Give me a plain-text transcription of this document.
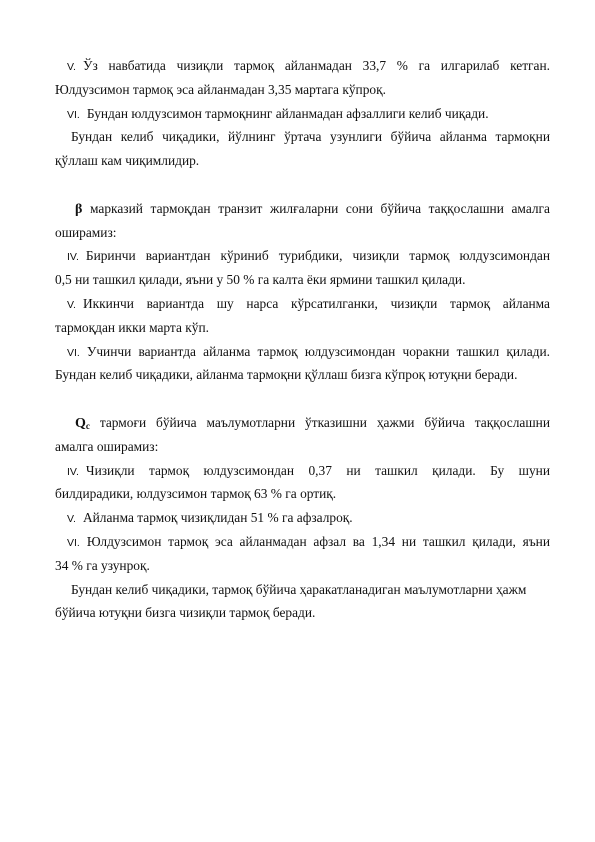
V. Ўз навбатида чизиқли тармоқ айланмадан 33,7 % га илгарилаб кетган.
Юлдузсимон тармоқ эса айланмадан 3,35 мартага кўпроқ.
VI. Бундан юлдузсимон тармоқнинг айланмадан афзаллиги келиб чиқади.
Бундан келиб чиқадики, йўлнинг ўртача узунлиги бўйича айланма тармоқни
қўллаш кам чиқимлидир.
β марказий тармоқдан транзит жилғаларни сони бўйича таққослашни амалга
оширамиз:
IV. Биринчи вариантдан кўриниб турибдики, чизиқли тармоқ юлдузсимондан
0,5 ни ташкил қилади, яъни у 50 % га калта ёки ярмини ташкил қилади.
V. Иккинчи вариантда шу нарса кўрсатилганки, чизиқли тармоқ айланма
тармоқдан икки марта кўп.
VI. Учинчи вариантда айланма тармоқ юлдузсимондан чоракни ташкил қилади.
Бундан келиб чиқадики, айланма тармоқни қўллаш бизга кўпроқ ютуқни беради.
$Q_c$ тармоғи бўйича маълумотларни ўтказишни ҳажми бўйича таққослашни
амалга оширамиз:
IV. Чизиқли тармоқ юлдузсимондан 0,37 ни ташкил қилади. Бу шуни
билдирадики, юлдузсимон тармоқ 63 % га ортиқ.
V. Айланма тармоқ чизиқлидан 51 % га афзалроқ.
VI. Юлдузсимон тармоқ эса айланмадан афзал ва 1,34 ни ташкил қилади, яъни
34 % га узунроқ.
Бундан келиб чиқадики, тармоқ бўйича ҳаракатланадиган маълумотларни ҳажм
бўйича ютуқни бизга чизиқли тармоқ беради.
